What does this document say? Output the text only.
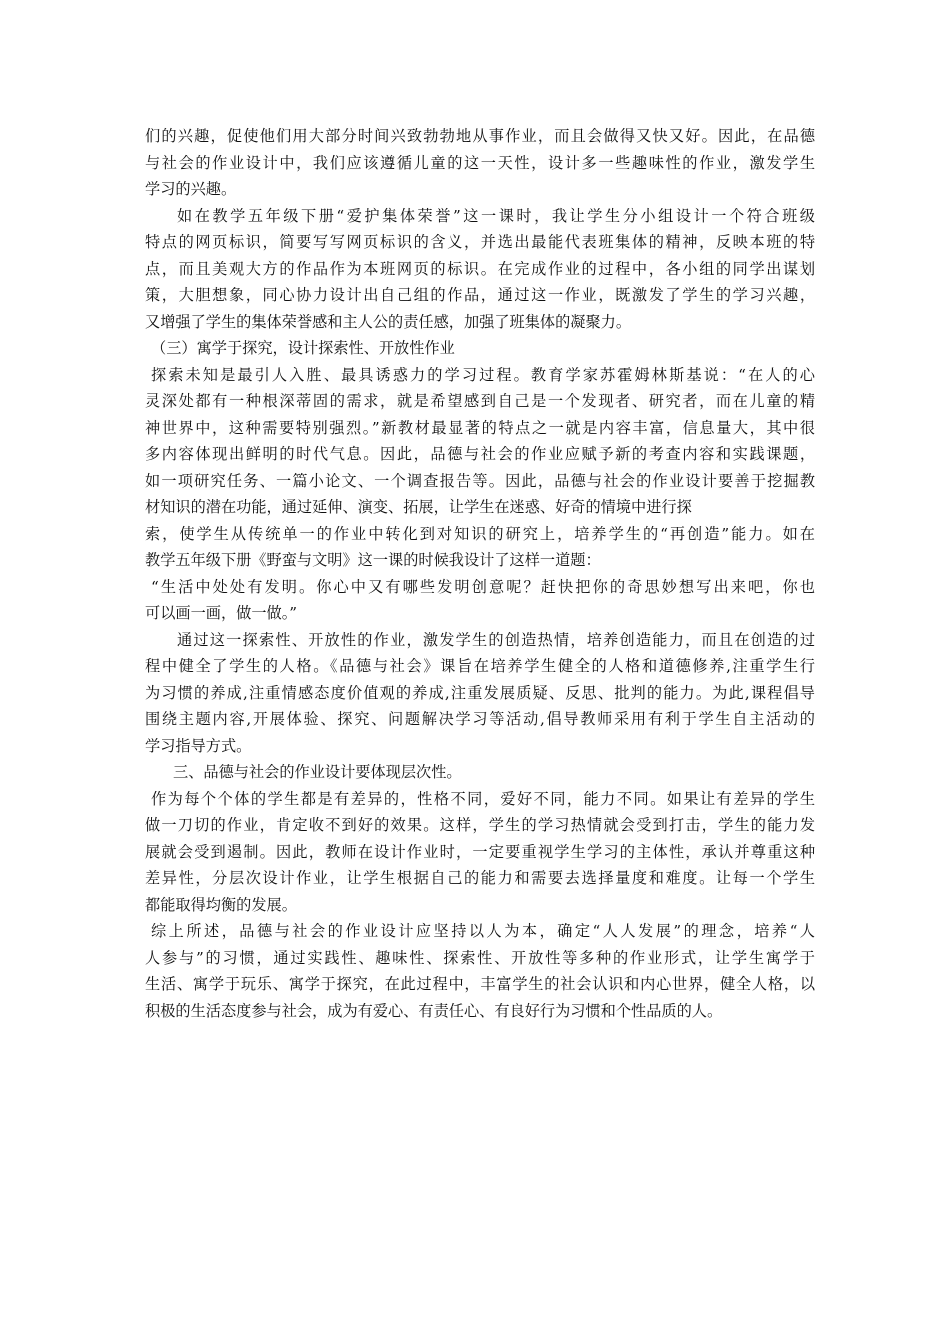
们的兴趣，促使他们用大部分时间兴致勃勃地从事作业，而且会做得又快又好。因此，在品德
与社会的作业设计中，我们应该遵循儿童的这一天性，设计多一些趣味性的作业，激发学生
学习的兴趣。
如在教学五年级下册“爱护集体荣誉”这一课时，我让学生分小组设计一个符合班级
特点的网页标识，简要写写网页标识的含义，并选出最能代表班集体的精神，反映本班的特
点，而且美观大方的作品作为本班网页的标识。在完成作业的过程中，各小组的同学出谋划
策，大胆想象，同心协力设计出自己组的作品，通过这一作业，既激发了学生的学习兴趣，
又增强了学生的集体荣誉感和主人公的责任感，加强了班集体的凝聚力。
（三）寓学于探究，设计探索性、开放性作业
探索未知是最引人入胜、最具诱惑力的学习过程。教育学家苏霍姆林斯基说：“在人的心
灵深处都有一种根深蒂固的需求，就是希望感到自己是一个发现者、研究者，而在儿童的精
神世界中，这种需要特别强烈。”新教材最显著的特点之一就是内容丰富，信息量大，其中很
多内容体现出鲜明的时代气息。因此，品德与社会的作业应赋予新的考查内容和实践课题，
如一项研究任务、一篇小论文、一个调查报告等。因此，品德与社会的作业设计要善于挖掘教
材知识的潜在功能，通过延伸、演变、拓展，让学生在迷惑、好奇的情境中进行探
索，使学生从传统单一的作业中转化到对知识的研究上，培养学生的“再创造”能力。如在
教学五年级下册《野蛮与文明》这一课的时候我设计了这样一道题：
“生活中处处有发明。你心中又有哪些发明创意呢？赶快把你的奇思妙想写出来吧，你也
可以画一画，做一做。”
通过这一探索性、开放性的作业，激发学生的创造热情，培养创造能力，而且在创造的过
程中健全了学生的人格。《品德与社会》课旨在培养学生健全的人格和道德修养,注重学生行
为习惯的养成,注重情感态度价值观的养成,注重发展质疑、反思、批判的能力。为此,课程倡导
围绕主题内容,开展体验、探究、问题解决学习等活动,倡导教师采用有利于学生自主活动的
学习指导方式。
三、品德与社会的作业设计要体现层次性。
作为每个个体的学生都是有差异的，性格不同，爱好不同，能力不同。如果让有差异的学生
做一刀切的作业，肯定收不到好的效果。这样，学生的学习热情就会受到打击，学生的能力发
展就会受到遏制。因此，教师在设计作业时，一定要重视学生学习的主体性，承认并尊重这种
差异性，分层次设计作业，让学生根据自己的能力和需要去选择量度和难度。让每一个学生
都能取得均衡的发展。
综上所述，品德与社会的作业设计应坚持以人为本，确定“人人发展”的理念，培养“人
人参与”的习惯，通过实践性、趣味性、探索性、开放性等多种的作业形式，让学生寓学于
生活、寓学于玩乐、寓学于探究，在此过程中，丰富学生的社会认识和内心世界，健全人格，以
积极的生活态度参与社会，成为有爱心、有责任心、有良好行为习惯和个性品质的人。
